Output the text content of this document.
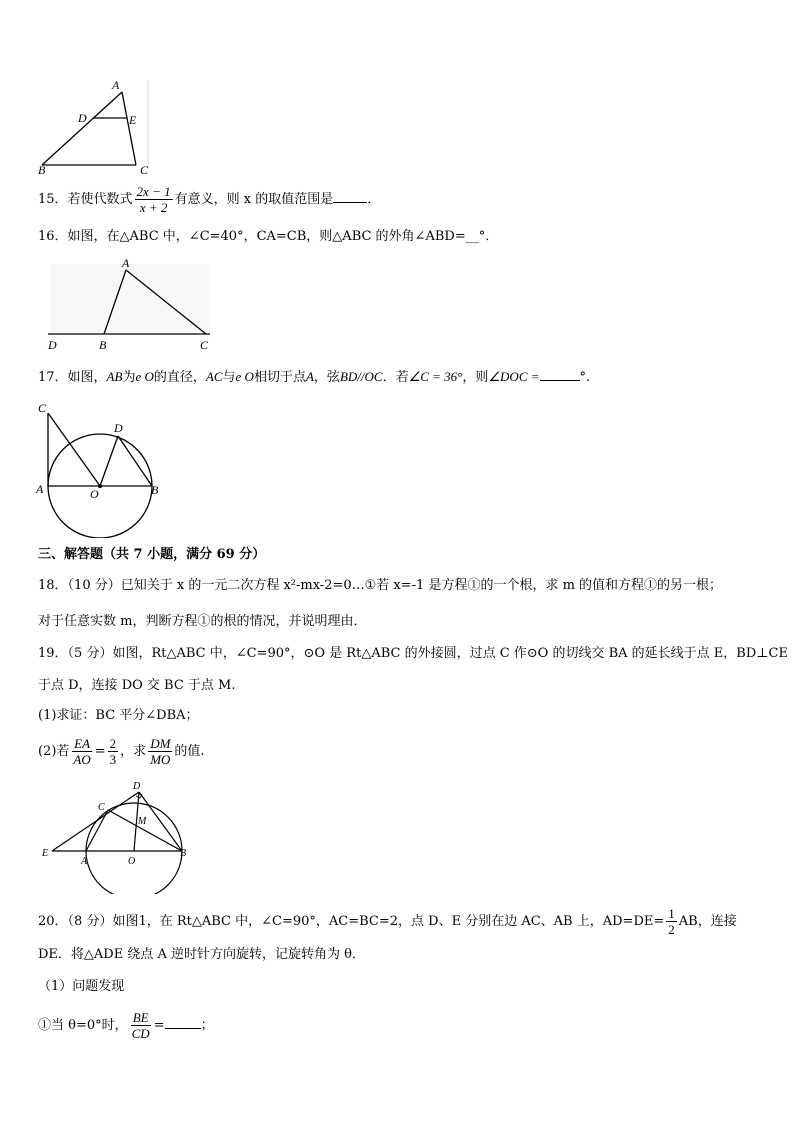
A
D	E
B	C
15．若使代数式 $\frac{2x - 1}{x + 2}$ 有意义，则 x 的取值范围是	．
16．如图，在△ABC 中，∠C=40°，CA=CB，则△ABC 的外角∠ABD=__°．
A
D	B	C
17．如图，AB为e O的直径，AC与e O相切于点A，弦BD//OC．若∠C = 36°，则∠DOC =	°.
C
D
A	O	B
三、解答题（共 7 小题，满分 69 分）
18．（10 分）已知关于 x 的一元二次方程 x²-mx-2=0…①若 x=-1 是方程①的一个根，求 m 的值和方程①的另一根；
对于任意实数 m，判断方程①的根的情况，并说明理由．
19．（5 分）如图，Rt△ABC 中，∠C=90°，⊙O 是 Rt△ABC 的外接圆，过点 C 作⊙O 的切线交 BA 的延长线于点 E，BD⊥CE
于点 D，连接 DO 交 BC 于点 M.
(1)求证：BC 平分∠DBA；
(2)若 $\frac{EA}{AO} = \frac{2}{3}$ ，求 $\frac{DM}{MO}$ 的值.
D
C
M
E
A	O
B
20．（8 分）如图1，在 Rt△ABC 中，∠C=90°，AC=BC=2，点 D、E 分别在边 AC、AB 上，$AD=DE= \frac{1}{2}$ AB，连接
DE．将△ADE 绕点 A 逆时针方向旋转，记旋转角为 θ．
（1）问题发现
①当 θ=0°时， $\frac{BE}{CD}$ =	；
